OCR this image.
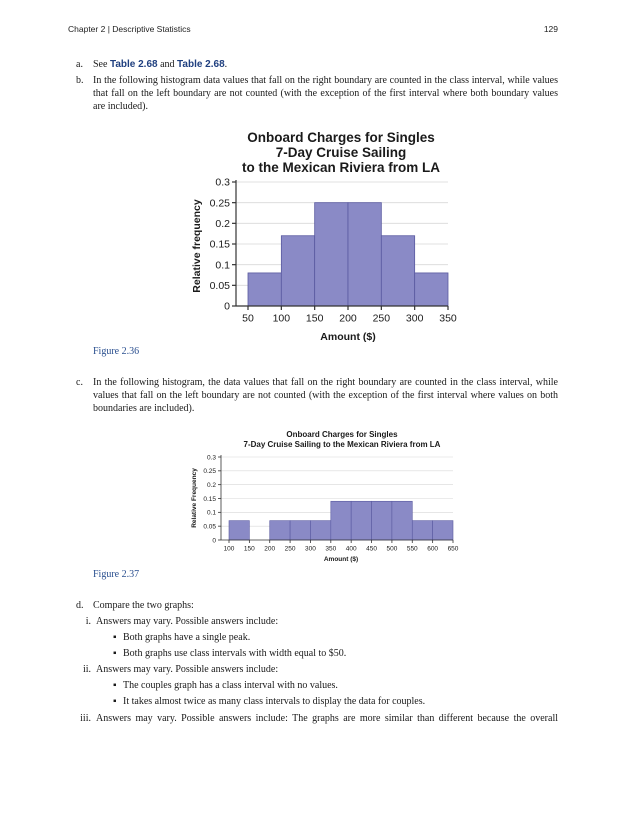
Chapter 2 | Descriptive Statistics	129
a. See Table 2.68 and Table 2.68.
b. In the following histogram data values that fall on the right boundary are counted in the class interval, while values that fall on the left boundary are not counted (with the exception of the first interval where both boundary values are included).
Onboard Charges for Singles
7-Day Cruise Sailing
to the Mexican Riviera from LA
0
0.05
0.1
0.15
0.2
0.25
0.3
50 100 150 200 250 300 350
Amount ($)
Relative frequency
Figure 2.36
c. In the following histogram, the data values that fall on the right boundary are counted in the class interval, while values that fall on the left boundary are not counted (with the exception of the first interval where values on both boundaries are included).
Onboard Charges for Singles
7-Day Cruise Sailing to the Mexican Riviera from LA
0
0.05
0.1
0.15
0.2
0.25
0.3
100 150 200 250 300 350 400 450 500 550 600 650
Amount ($)
Relative Frequency
Figure 2.37
d. Compare the two graphs:
i. Answers may vary. Possible answers include:
▪ Both graphs have a single peak.
▪ Both graphs use class intervals with width equal to $50.
ii. Answers may vary. Possible answers include:
▪ The couples graph has a class interval with no values.
▪ It takes almost twice as many class intervals to display the data for couples.
iii. Answers may vary. Possible answers include: The graphs are more similar than different because the overall
